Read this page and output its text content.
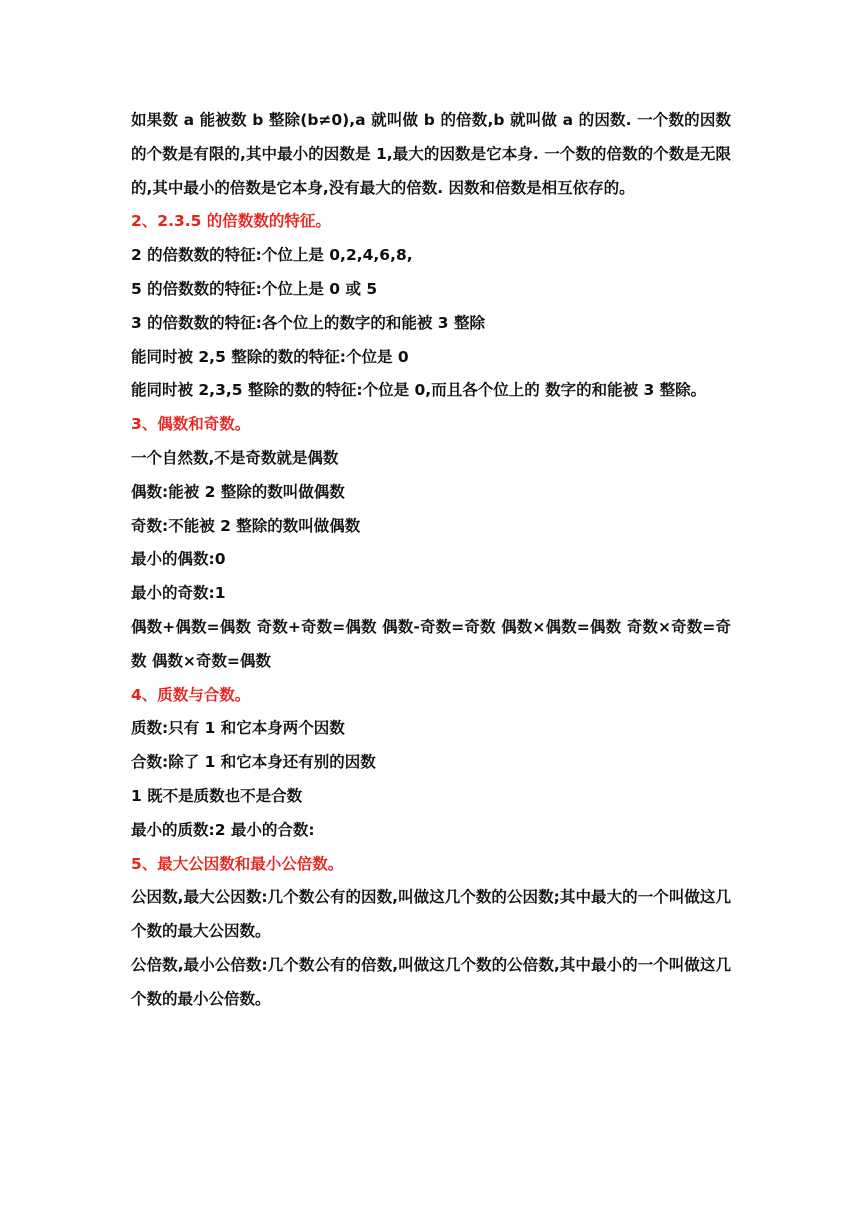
如果数 a 能被数 b 整除(b≠0),a 就叫做 b 的倍数,b 就叫做 a 的因数. 一个数的因数的个数是有限的,其中最小的因数是 1,最大的因数是它本身. 一个数的倍数的个数是无限的,其中最小的倍数是它本身,没有最大的倍数. 因数和倍数是相互依存的。
2、2.3.5 的倍数数的特征。
2 的倍数数的特征:个位上是 0,2,4,6,8,
5 的倍数数的特征:个位上是 0 或 5
3 的倍数数的特征:各个位上的数字的和能被 3 整除
能同时被 2,5 整除的数的特征:个位是 0
能同时被 2,3,5 整除的数的特征:个位是 0,而且各个位上的 数字的和能被 3 整除。
3、偶数和奇数。
一个自然数,不是奇数就是偶数
偶数:能被 2 整除的数叫做偶数
奇数:不能被 2 整除的数叫做偶数
最小的偶数:0
最小的奇数:1
偶数+偶数=偶数 奇数+奇数=偶数 偶数-奇数=奇数 偶数×偶数=偶数 奇数×奇数=奇数 偶数×奇数=偶数
4、质数与合数。
质数:只有 1 和它本身两个因数
合数:除了 1 和它本身还有别的因数
1 既不是质数也不是合数
最小的质数:2 最小的合数:
5、最大公因数和最小公倍数。
公因数,最大公因数:几个数公有的因数,叫做这几个数的公因数;其中最大的一个叫做这几个数的最大公因数。
公倍数,最小公倍数:几个数公有的倍数,叫做这几个数的公倍数,其中最小的一个叫做这几个数的最小公倍数。
